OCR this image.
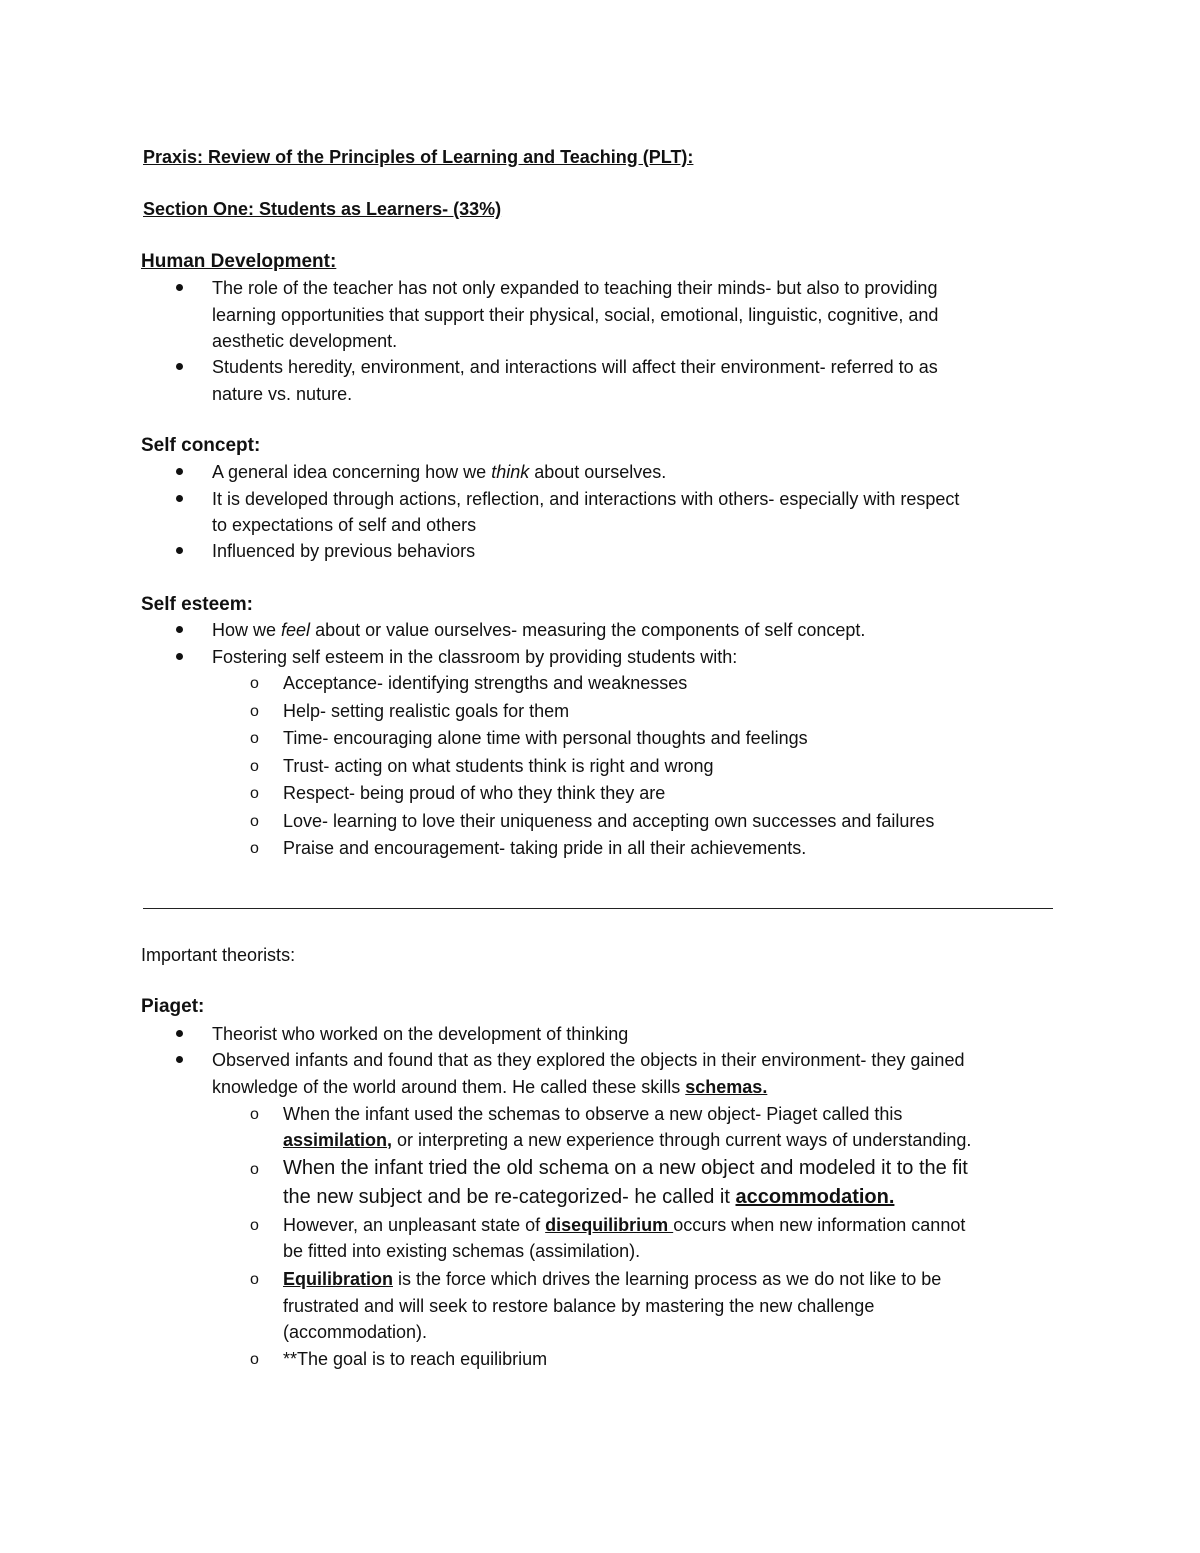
Praxis: Review of the Principles of Learning and Teaching (PLT):
Section One: Students as Learners- (33%)
Human Development:
The role of the teacher has not only expanded to teaching their minds- but also to providing
learning opportunities that support their physical, social, emotional, linguistic, cognitive, and
aesthetic development.
Students heredity, environment, and interactions will affect their environment- referred to as
nature vs. nuture.
Self concept:
A general idea concerning how we think about ourselves.
It is developed through actions, reflection, and interactions with others- especially with respect
to expectations of self and others
Influenced by previous behaviors
Self esteem:
How we feel about or value ourselves- measuring the components of self concept.
Fostering self esteem in the classroom by providing students with:
o Acceptance- identifying strengths and weaknesses
o Help- setting realistic goals for them
o Time- encouraging alone time with personal thoughts and feelings
o Trust- acting on what students think is right and wrong
o Respect- being proud of who they think they are
o Love- learning to love their uniqueness and accepting own successes and failures
o Praise and encouragement- taking pride in all their achievements.
Important theorists:
Piaget:
Theorist who worked on the development of thinking
Observed infants and found that as they explored the objects in their environment- they gained
knowledge of the world around them. He called these skills schemas.
o When the infant used the schemas to observe a new object- Piaget called this
assimilation, or interpreting a new experience through current ways of understanding.
o When the infant tried the old schema on a new object and modeled it to the fit
the new subject and be re-categorized- he called it accommodation.
o However, an unpleasant state of disequilibrium occurs when new information cannot
be fitted into existing schemas (assimilation).
o Equilibration is the force which drives the learning process as we do not like to be
frustrated and will seek to restore balance by mastering the new challenge
(accommodation).
o **The goal is to reach equilibrium
